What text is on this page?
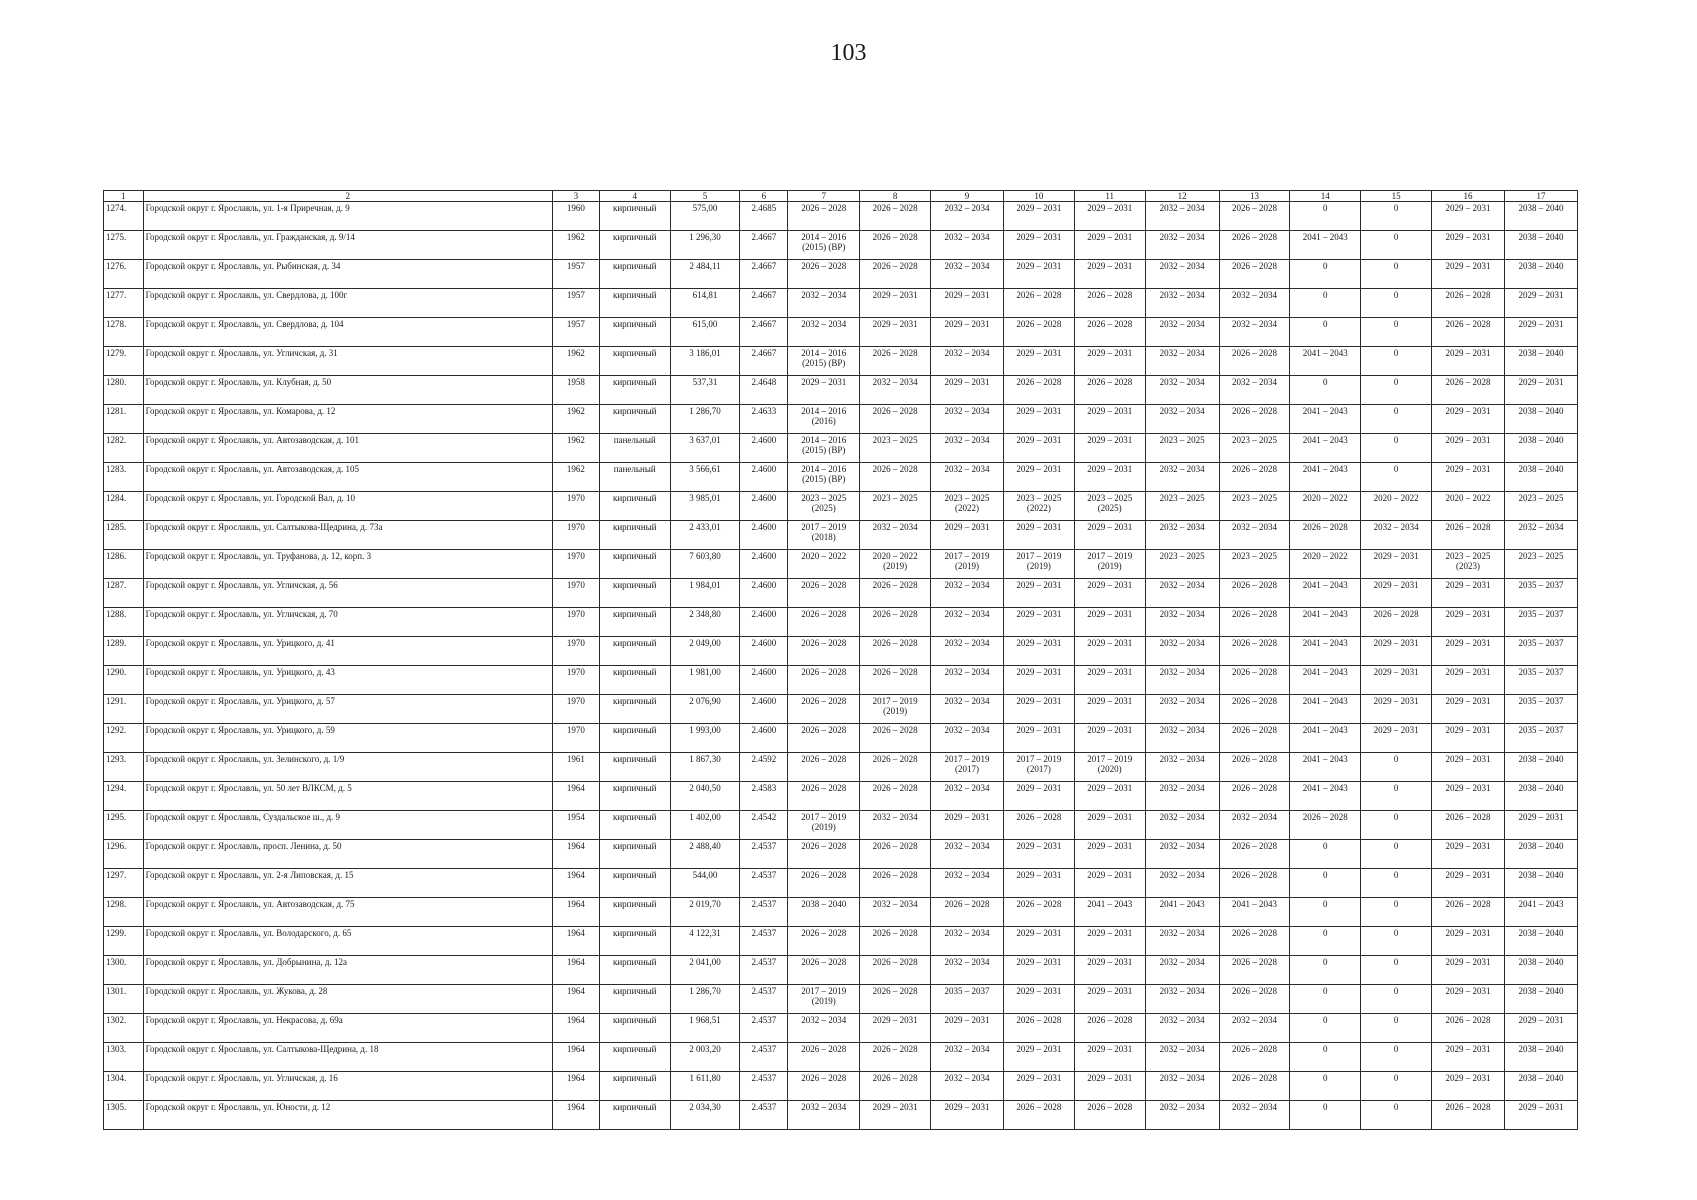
103
1	2	3	4	5	6	7	8	9	10	11	12	13	14	15	16	17
1274.	Городской округ г. Ярославль, ул. 1-я Приречная, д. 9	1960	кирпичный	575,00	2.4685	2026 – 2028	2026 – 2028	2032 – 2034	2029 – 2031	2029 – 2031	2032 – 2034	2026 – 2028	0	0	2029 – 2031	2038 – 2040
1275.	Городской округ г. Ярославль, ул. Гражданская, д. 9/14	1962	кирпичный	1 296,30	2.4667	2014 – 2016 (2015) (ВР)	2026 – 2028	2032 – 2034	2029 – 2031	2029 – 2031	2032 – 2034	2026 – 2028	2041 – 2043	0	2029 – 2031	2038 – 2040
1276.	Городской округ г. Ярославль, ул. Рыбинская, д. 34	1957	кирпичный	2 484,11	2.4667	2026 – 2028	2026 – 2028	2032 – 2034	2029 – 2031	2029 – 2031	2032 – 2034	2026 – 2028	0	0	2029 – 2031	2038 – 2040
1277.	Городской округ г. Ярославль, ул. Свердлова, д. 100г	1957	кирпичный	614,81	2.4667	2032 – 2034	2029 – 2031	2029 – 2031	2026 – 2028	2026 – 2028	2032 – 2034	2032 – 2034	0	0	2026 – 2028	2029 – 2031
1278.	Городской округ г. Ярославль, ул. Свердлова, д. 104	1957	кирпичный	615,00	2.4667	2032 – 2034	2029 – 2031	2029 – 2031	2026 – 2028	2026 – 2028	2032 – 2034	2032 – 2034	0	0	2026 – 2028	2029 – 2031
1279.	Городской округ г. Ярославль, ул. Угличская, д. 31	1962	кирпичный	3 186,01	2.4667	2014 – 2016 (2015) (ВР)	2026 – 2028	2032 – 2034	2029 – 2031	2029 – 2031	2032 – 2034	2026 – 2028	2041 – 2043	0	2029 – 2031	2038 – 2040
1280.	Городской округ г. Ярославль, ул. Клубная, д. 50	1958	кирпичный	537,31	2.4648	2029 – 2031	2032 – 2034	2029 – 2031	2026 – 2028	2026 – 2028	2032 – 2034	2032 – 2034	0	0	2026 – 2028	2029 – 2031
1281.	Городской округ г. Ярославль, ул. Комарова, д. 12	1962	кирпичный	1 286,70	2.4633	2014 – 2016 (2016)	2026 – 2028	2032 – 2034	2029 – 2031	2029 – 2031	2032 – 2034	2026 – 2028	2041 – 2043	0	2029 – 2031	2038 – 2040
1282.	Городской округ г. Ярославль, ул. Автозаводская, д. 101	1962	панельный	3 637,01	2.4600	2014 – 2016 (2015) (ВР)	2023 – 2025	2032 – 2034	2029 – 2031	2029 – 2031	2023 – 2025	2023 – 2025	2041 – 2043	0	2029 – 2031	2038 – 2040
1283.	Городской округ г. Ярославль, ул. Автозаводская, д. 105	1962	панельный	3 566,61	2.4600	2014 – 2016 (2015) (ВР)	2026 – 2028	2032 – 2034	2029 – 2031	2029 – 2031	2032 – 2034	2026 – 2028	2041 – 2043	0	2029 – 2031	2038 – 2040
1284.	Городской округ г. Ярославль, ул. Городской Вал, д. 10	1970	кирпичный	3 985,01	2.4600	2023 – 2025 (2025)	2023 – 2025	2023 – 2025 (2022)	2023 – 2025 (2022)	2023 – 2025 (2025)	2023 – 2025	2023 – 2025	2020 – 2022	2020 – 2022	2020 – 2022	2023 – 2025
1285.	Городской округ г. Ярославль, ул. Салтыкова-Щедрина, д. 73а	1970	кирпичный	2 433,01	2.4600	2017 – 2019 (2018)	2032 – 2034	2029 – 2031	2029 – 2031	2029 – 2031	2032 – 2034	2032 – 2034	2026 – 2028	2032 – 2034	2026 – 2028	2032 – 2034
1286.	Городской округ г. Ярославль, ул. Труфанова, д. 12, корп. 3	1970	кирпичный	7 603,80	2.4600	2020 – 2022	2020 – 2022 (2019)	2017 – 2019 (2019)	2017 – 2019 (2019)	2017 – 2019 (2019)	2023 – 2025	2023 – 2025	2020 – 2022	2029 – 2031	2023 – 2025 (2023)	2023 – 2025
1287.	Городской округ г. Ярославль, ул. Угличская, д. 56	1970	кирпичный	1 984,01	2.4600	2026 – 2028	2026 – 2028	2032 – 2034	2029 – 2031	2029 – 2031	2032 – 2034	2026 – 2028	2041 – 2043	2029 – 2031	2029 – 2031	2035 – 2037
1288.	Городской округ г. Ярославль, ул. Угличская, д. 70	1970	кирпичный	2 348,80	2.4600	2026 – 2028	2026 – 2028	2032 – 2034	2029 – 2031	2029 – 2031	2032 – 2034	2026 – 2028	2041 – 2043	2026 – 2028	2029 – 2031	2035 – 2037
1289.	Городской округ г. Ярославль, ул. Урицкого, д. 41	1970	кирпичный	2 049,00	2.4600	2026 – 2028	2026 – 2028	2032 – 2034	2029 – 2031	2029 – 2031	2032 – 2034	2026 – 2028	2041 – 2043	2029 – 2031	2029 – 2031	2035 – 2037
1290.	Городской округ г. Ярославль, ул. Урицкого, д. 43	1970	кирпичный	1 981,00	2.4600	2026 – 2028	2026 – 2028	2032 – 2034	2029 – 2031	2029 – 2031	2032 – 2034	2026 – 2028	2041 – 2043	2029 – 2031	2029 – 2031	2035 – 2037
1291.	Городской округ г. Ярославль, ул. Урицкого, д. 57	1970	кирпичный	2 076,90	2.4600	2026 – 2028	2017 – 2019 (2019)	2032 – 2034	2029 – 2031	2029 – 2031	2032 – 2034	2026 – 2028	2041 – 2043	2029 – 2031	2029 – 2031	2035 – 2037
1292.	Городской округ г. Ярославль, ул. Урицкого, д. 59	1970	кирпичный	1 993,00	2.4600	2026 – 2028	2026 – 2028	2032 – 2034	2029 – 2031	2029 – 2031	2032 – 2034	2026 – 2028	2041 – 2043	2029 – 2031	2029 – 2031	2035 – 2037
1293.	Городской округ г. Ярославль, ул. Зелинского, д. 1/9	1961	кирпичный	1 867,30	2.4592	2026 – 2028	2026 – 2028	2017 – 2019 (2017)	2017 – 2019 (2017)	2017 – 2019 (2020)	2032 – 2034	2026 – 2028	2041 – 2043	0	2029 – 2031	2038 – 2040
1294.	Городской округ г. Ярославль, ул. 50 лет ВЛКСМ, д. 5	1964	кирпичный	2 040,50	2.4583	2026 – 2028	2026 – 2028	2032 – 2034	2029 – 2031	2029 – 2031	2032 – 2034	2026 – 2028	2041 – 2043	0	2029 – 2031	2038 – 2040
1295.	Городской округ г. Ярославль, Суздальское ш., д. 9	1954	кирпичный	1 402,00	2.4542	2017 – 2019 (2019)	2032 – 2034	2029 – 2031	2026 – 2028	2029 – 2031	2032 – 2034	2032 – 2034	2026 – 2028	0	2026 – 2028	2029 – 2031
1296.	Городской округ г. Ярославль, просп. Ленина, д. 50	1964	кирпичный	2 488,40	2.4537	2026 – 2028	2026 – 2028	2032 – 2034	2029 – 2031	2029 – 2031	2032 – 2034	2026 – 2028	0	0	2029 – 2031	2038 – 2040
1297.	Городской округ г. Ярославль, ул. 2-я Липовская, д. 15	1964	кирпичный	544,00	2.4537	2026 – 2028	2026 – 2028	2032 – 2034	2029 – 2031	2029 – 2031	2032 – 2034	2026 – 2028	0	0	2029 – 2031	2038 – 2040
1298.	Городской округ г. Ярославль, ул. Автозаводская, д. 75	1964	кирпичный	2 019,70	2.4537	2038 – 2040	2032 – 2034	2026 – 2028	2026 – 2028	2041 – 2043	2041 – 2043	2041 – 2043	0	0	2026 – 2028	2041 – 2043
1299.	Городской округ г. Ярославль, ул. Володарского, д. 65	1964	кирпичный	4 122,31	2.4537	2026 – 2028	2026 – 2028	2032 – 2034	2029 – 2031	2029 – 2031	2032 – 2034	2026 – 2028	0	0	2029 – 2031	2038 – 2040
1300.	Городской округ г. Ярославль, ул. Добрынина, д. 12а	1964	кирпичный	2 041,00	2.4537	2026 – 2028	2026 – 2028	2032 – 2034	2029 – 2031	2029 – 2031	2032 – 2034	2026 – 2028	0	0	2029 – 2031	2038 – 2040
1301.	Городской округ г. Ярославль, ул. Жукова, д. 28	1964	кирпичный	1 286,70	2.4537	2017 – 2019 (2019)	2026 – 2028	2035 – 2037	2029 – 2031	2029 – 2031	2032 – 2034	2026 – 2028	0	0	2029 – 2031	2038 – 2040
1302.	Городской округ г. Ярославль, ул. Некрасова, д. 69а	1964	кирпичный	1 968,51	2.4537	2032 – 2034	2029 – 2031	2029 – 2031	2026 – 2028	2026 – 2028	2032 – 2034	2032 – 2034	0	0	2026 – 2028	2029 – 2031
1303.	Городской округ г. Ярославль, ул. Салтыкова-Щедрина, д. 18	1964	кирпичный	2 003,20	2.4537	2026 – 2028	2026 – 2028	2032 – 2034	2029 – 2031	2029 – 2031	2032 – 2034	2026 – 2028	0	0	2029 – 2031	2038 – 2040
1304.	Городской округ г. Ярославль, ул. Угличская, д. 16	1964	кирпичный	1 611,80	2.4537	2026 – 2028	2026 – 2028	2032 – 2034	2029 – 2031	2029 – 2031	2032 – 2034	2026 – 2028	0	0	2029 – 2031	2038 – 2040
1305.	Городской округ г. Ярославль, ул. Юности, д. 12	1964	кирпичный	2 034,30	2.4537	2032 – 2034	2029 – 2031	2029 – 2031	2026 – 2028	2026 – 2028	2032 – 2034	2032 – 2034	0	0	2026 – 2028	2029 – 2031
